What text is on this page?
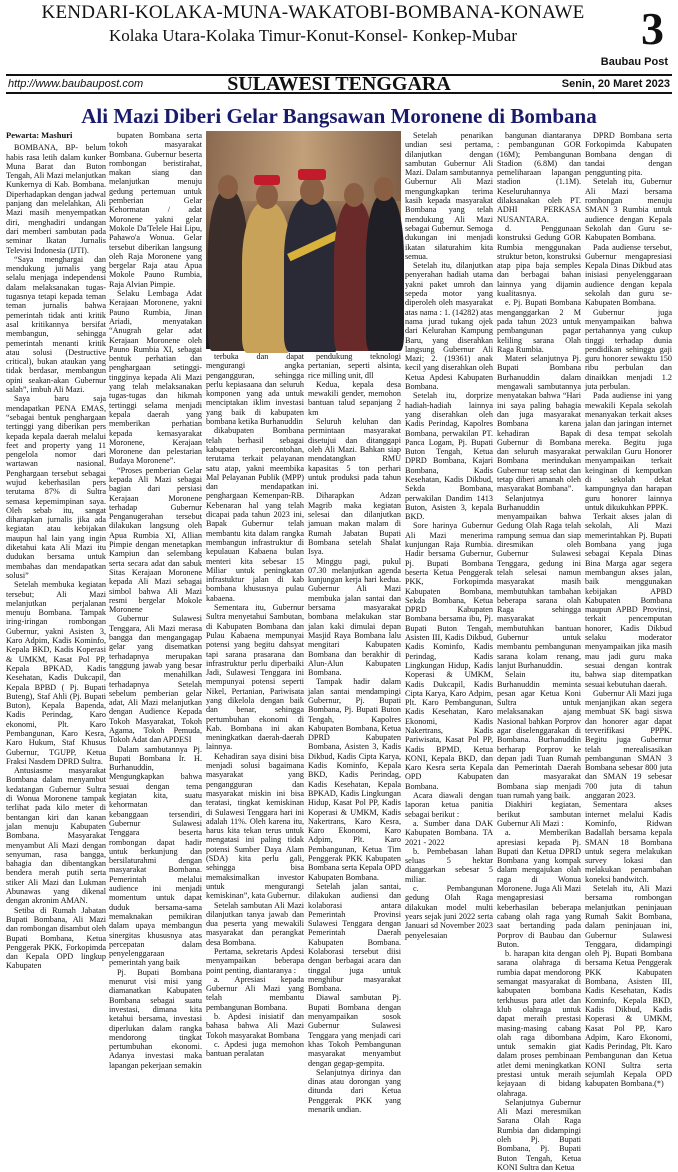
KENDARI-KOLAKA-MUNA-WAKATOBI-BOMBANA-KONAWE
Kolaka Utara-Kolaka Timur-Konut-Konsel- Konkep-Mubar	3
Baubau Post
http://www.baubaupost.com	SULAWESI TENGGARA	Senin, 20 Maret 2023
Ali Mazi Diberi Gelar Bangsawan Moronene di Bombana
Pewarta: Mashuri

BOMBANA, BP- belum habis rasa letih dalam kunker Muna Barat dan Buton Tengah, Ali Mazi melanjutkan Kunkernya di Kab. Bombana. Diperhadapkan dengan jadwal panjang dan melelahkan, Ali Mazi masih menyempatkan diri, menghadiri undangan dari memberi sambutan pada seminar Ikatan Jurnalis Televisi Indonesia (IJTI).

“Saya menghargai dan mendukung jurnalis yang selalu menjaga independensi dalam melaksanakan tugas-tugasnya tetapi kepada teman teman jurnalis bahwa pemerintah tidak anti kritik asal kritikannya bersifat membangun, sehingga pemerintah menanti kritik atau solusi (Destructive critical), bukan ataukan yang tidak berdasar, membangun opini seakan-akan Gubernur salah”, imbuh Ali Mazi.

Saya baru saja mendapatkan PENA EMAS, “sebagai bentuk penghargaan tertinggi yang diberikan pers kepada kepala daerah melalui feet and property yang 11 pengelola nomor dari wartawan nasional. Penghargaan tersebut sebagai wujud keberhasilan pers terutama 87% di Sultra semasa kepemimpinan saya. Oleh sebab itu, sangat diharapkan jurnalis jika ada kegiatan atau kebijakan maupun hal lain yang ingin diketahui kata Ali Mazi itu dudukan bersama untuk membahas dan mendapatkan solusi”

Setelah membuka kegiatan tersebut; Ali Mazi melanjutkan perjalanan menuju Bombana. Tampak iring-iringan rombongan Gubernur, yakni Asisten 3, Karo Adpim, Kadis Kominfo, Kepala BKD, Kadis Koperasi & UMKM, Kasat Pol PP, Kepala BPKAD, Kadis Kesehatan, Kadis Dukcapil, Kepala BPBD ( Pj. Bupati Buteng), Staf Ahli (Pj. Bupati Buton), Kepala Bapenda, Kadis Perindag, Karo ekonomi, Plt. Karo Pembangunan, Karo Kesra, Karo Hukum, Staf Khusus Gubernur, TGUPP, Ketua Fraksi Nasdem DPRD Sultra.

Antusiasme masyarakat Bombana dalam menyambut kedatangan Gubernur Sultra di Wonua Moronene tampak terlihat pada kilo meter di bentangan kiri dan kanan jalan menuju Kabupaten Bombana. Masyarakat menyambut Ali Mazi dengan senyuman, rasa bangga, bahagia dan dibentangkan bendera merah putih serta stiker Ali Mazi dan Lukman Abunawas yang dikenal dengan akronim AMAN.

Setiba di Rumah Jabatan Bupati Bombana, Ali Mazi dan rombongan disambut oleh Bupati Bombana, Ketua Penggerak PKK, Forkopimda dan Kepala OPD lingkup Kabupaten

bupaten Bombana serta tokoh masyarakat Bombana. Gubernur beserta rombongan beristirahat, makan siang dan melanjutkan menuju gedung pertemuan untuk pemberian Gelar Kehormatan / adat Moronene yakni gelar Mokole Da'Telele Hai Lipu, Pahawo'a Wonua. Gelar tersebut diberikan langsung oleh Raja Moronene yang bergelar Raja atau Apua Mokole Pauno Rumbia, Raja Alvian Pimpie.

Selaku Lembaga Adat Kerajaan Moronene, yakni Pauno Rumbia, Jinan Ariadi, menyatakan “Anugrah gelar adat Kerajaan Moronene oleh Pauno Rumbia XI, sebagai bentuk perhatian dan penghargaan setinggi-tingginya kepada Ali Mazi yang telah melaksanakan tugas-tugas dan hikmah tertinggi selama menjadi kepala daerah yang memberikan perhatian kepada kemasyarakat Moronene, Kerajaan Moronene dan pelestarian Budaya Moronene”.

“Proses pemberian Gelar kepada Ali Mazi sebagai bagian dari persiasi Kerajaan Moronene terhadap Gubernur Penganugerahan tersebut dilakukan langsung oleh Apua Rumbia XI, Allian Pimpie dengan menetapkan Kampiun dan selembang serta secara adat dan sabuk Sitas Kerajaan Moronene kepada Ali Mazi sebagai simbol bahwa Ali Mazi resmi bergelar Mokole Moronene

Gubernur Sulawesi Tenggara, Ali Mazi merasa bangga dan mengangagap gelar yang disematkan terhadapnya merupakan tanggung jawab yang besar dan menahilkan terhadapnya Setelah sebelum pemberian gelar adat, Ali Mazi melanjutkan dengan Audience Kepada Tokoh Masyarakat, Tokoh Agama, Tokoh Pemuda, Tokoh Adat dan APDESI

Dalam sambutannya Pj. Bupati Bombana Ir. H. Burhanuddin, Mengungkapkan bahwa sesuai dengan tema kegiatan kita, suatu kehormatan dan kebanggaan tersendiri, Gubernur Sulawesi Tenggara beserta rombongan dapat hadir untuk berkunjung dan bersilaturahmi dengan masyarakat Bombana. Pemerintah melalui audience ini menjadi momentum untuk dapat duduk bersama-sama memaknakan pemikiran dalam upaya membangun sinergitas khususnya atas percepatan dalam penyelenggaraan pemerintah yang baik

Pj. Bupati Bombana menurut visi misi yang diamanatkan Kabupaten Bombana sebagai suatu investasi, dimana kita ketahui bersama, investasi diperlukan dalam rangka mendorong tingkat pertumbuhan ekonomi. Adanya investasi maka lapangan pekerjaan semakin

terbuka dan dapat mengurangi angka pengangguran, sehingga perlu kepiasaana dan seluruh komponen yang ada untuk menciptakan iklim investasi yang baik di kabupaten bombana ketika Burhanuddin

dikabupaten Bombana telah berhasil sebagai kabupaten percontohan, terutama terkait pelayanan satu atap, yakni meembika Mal Pelayanan Publik (MPP) dan mendapatkan penghargaan Kemenpan-RB. Kebenaran hal yang telah dicapai pada tahun 2023 ini, Bapak Gubernur telah membantu kita dalam rangka membangun infrastruktur di kepulauan Kabaena bulan menteri kita sebesar 15 Miliar untuk peningkatan infrastuktur jalan di kab bombana khususnya pulau kabaena.

Sementara itu, Gubernur Sultra menyetahui Sambutan, di Kabupaten Bombana dan Pulau Kabaena mempunyai potensi yang begitu dahsyat tapi sarana prasarana dan infrastruktur perlu diperbaiki Jadi, Sulawesi Tenggara ini mempunyai potensi seperti Nikel, Pertanian, Pariwisata yang dikelola dengan baik dan benar, sehingga pertumbuhan ekonomi di Kab. Bombana ini akan meningkatkan daerah-daerah lainnya.

Kehadiran saya disini bisa menjadi solusi bagaimana masyarakat yang pengangguran dan masyarakat miskin ini bisa teratasi, tingkat kemiskinan di Sulawesi Tenggara hari ini adalah 11%. Oleh karena itu, harus kita tekan terus untuk mengatasi ini paling tidak potensi Sumber Daya Alam (SDA) kita perlu gali, sehingga bisa memaksimalkan investor untuk mengurangi kemiskinan”, kata Gubernur.

Setelah sambutan Ali Mazi dilanjutkan tanya jawab dan dua peserta yang mewakili masyarakat dan perangkat desa Bombana.

Pertama, sekretaris Apdesi menyampaikan beberapa point penting, diantaranya :

a. Apresiasi kepada Gubernur Ali Mazi yang telah membantu pembangunan Bombana.

b. Apdesi inisiatif dan bahasa bahwa Ali Mazi Tokoh masyarakat Bombana

c. Apdesi juga memohon bantuan peralatan

pendukung teknologi pertanian, seperti alsinta, rice milling unit, dll

Kedua, kepala desa mewakili gender, memohon bantuan talud sepanjang 2 km

Seluruh keluhan dan permintaan masyarakat disetujui dan ditanggapi oleh Ali Mazi. Bahkan siap mendatangkan RMU kapasitas 5 ton perhari untuk produksi pada tahun ini.

Diharapkan Adzan Magrib maka kegiatan selesai dan dilanjutkan jamuan makan malam di Rumah Jabatan Bupati Bombana setelah Shalat Isya.

Minggu pagi, pukul 07.30 melanjutkan agenda kunjungan kerja hari kedua. Gubernur Ali Mazi membuka jalan santai dan bersama masyarakat bombana melakukan star jalan kaki dimulai depan Masjid Raya Bombana lalu mengitari Kabupaten Bombana dan berakhir di Alun-Alun Kabupaten Bombana.

Tampak hadir dalam jalan santai mendampingi Gubernur, Pj. Bupati Bombana, Pj. Bupati Buton Tengah, Kapolres Kabupaten Bombana, Ketua DPRD Kabupaten Bombana, Asisten 3, Kadis Dikbud, Kadis Cipta Karya, Kadis Kominfo, Kepala BKD, Kadis Perindag, Kadis Kesehatan, Kepala BPKAD, Kadis Lingkungan Hidup, Kasat Pol PP, Kadis Koperasi & UMKM, Kadis Nakertrans, Karo Kesra, Karo Ekonomi, Karo Adpim, Plt. Karo Pembangunan, Ketua Tim Penggerak PKK Kabupaten Bombana serta Kepala OPD Kabupaten Bombana.

Setelah jalan santai, dilakukan audiensi dan kolaborasi antara Pemerintah Provinsi Sulawesi Tenggara dengan Pemerintah Daerah Kabupaten Bombana. Kolaborasi tersebut diisi dengan berbagai acara dan tinggal juga untuk menghibur masyarakat Bombana.

Diawal sambutan Pj. Bupati Bombana dengan menyampaikan sosok Gubernur Sulawesi Tenggara yang menjadi cari khas Tokoh Pembangunan masyarakat menyambut dengan gegap-gempita.

Selanjutnya dirinya dan dinas atau dorongan yang ditunda dari Ketua Penggerak PKK yang menarik undian.

Setelah penarikan undian sesi pertama, dilanjutkan dengan sambutan Gubernur Ali Mazi. Dalam sambutannya Gubernur Ali Mazi mengungkapkan terima kasih kepada masyarakat Bombana yang telah mendukung Ali Mazi sebagai Gubernur. Semoga dukungan ini menjadi ikatan silaturahim kita semua.

Setelah itu, dilanjutkan penyerahan hadiah utama yakni paket umroh dan sepeda motor yang diperoleh oleh masyarakat atas nama : 1. (14282) atas nama jurad tukang ojek dari Kelurahan Kampung Baru, yang diserahkan langsung Gubernur Ali Mazi; 2. (19361) anak kecil yang diserahkan oleh Ketua Apdesi Kabupaten Bombana.

Setelah itu, dorprize hadiah-hadiah lainnya yang diserahkan oleh Kadis Perindag, Kapolres Bombana, perwakilan PT. Panca Logam, Pj. Bupati Buton Tengah, Ketua DPRD Bombana, Kajari Bombana, Kadis Kesehatan, Kadis Dikbud, Sekda Bombana, perwakilan Dandim 1413 Buton, Asisten 3, kepala BKD.

Sore harinya Gubernur Ali Mazi menerima kunjungan Raja Rumbia. Hadir bersama Gubernur, Pj. Bupati Bombana beserta Ketua Penggerak PKK, Forkopimda Kabupaten Bombana, Sekda Bombana, Ketua DPRD Kabupaten Bombana bersama ibu, Pj. Bupati Buton Tengah, Asisten III, Kadis Dikbud, Kadis Kominfo, Kadis Perindag, Kadis Lingkungan Hidup, Kadis Koperasi & UMKM, Kadis Dukcapil, Kadis Cipta Karya, Karo Adpim, Plt. Karo Pembangunan, Kadis Kesehatan, Karo Ekonomi, Kadis Nakertrans, Kadis Pariwisata, Kasat Pol PP, Kadis BPMD, Ketua KONI, Kepala BKD, dan Karo Kesra serta Kepala OPD Kabupaten Bombana.

Acara diawali dengan laporan ketua panitia sebagai berikut :

a. Sumber dana DAK Kabupaten Bombana. TA 2021 - 2022

b. Pembebasan lahan seluas 5 hektar dianggarkan sebesar 5 miliar.

c. Pembangunan gedung Olah Raga dilakukan model multi years sejak juni 2022 serta Januari sd November 2023 penyelesaian

bangunan diantaranya : pembangunan GOR (16M); Pembangunan Stadion (6.8M) dan pemeliharaan lapangan stadion (1.1M). Keseluruhannya dilaksanakan oleh PT. ADHI PERKASA NUSANTARA.

d. Penggunaan konstruksi Gedung GOR Rumbia menggunakan struktur beton, konstruksi atap pipa baja semples dan berbagai bahan lainnya yang dijamin kualitasnya.

e. Pj. Bupati Bombana menganggarkan 2 M pada tahun 2023 untuk pembangunan pagar keliling sarana Olah Raga Rumbia.

Materi selanjutnya Pj. Bupati Bombana Burhanuddin dalam mengawali sambutannya menyatakan bahwa “Hari ini saya paling bahagia dan juga masyarakat Bombana karena kehadiran Bapak Gubernur di Bombana dan seluruh masyarakat Bombana merindukan Gubernur tetap sehat dan tetap diberi amanah oleh masyarakat Bombana”.

Selanjutnya Burhanuddin menyampaikan bahwa Gedung Olah Raga telah rampung semua dan siap diresmikan oleh Gubernur Sulawesi Tenggara, gedung ini telah selesai namun masyarakat masih membutuhkan tambahan beberapa sarana olah Raga sehingga masyarakat membutuhkan bantuan Gubernur untuk membantu pembangunan sarana kolam renang, lanjut Burhanuddin.

Selain itu, Burhanuddin meminta pesan agar Ketua Koni Sultra untuk melaksanakan ajang Nasional bahkan Porprov agar diselenggarakan di Bombana. Burhanuddin berharap Porprov ke depan jadi Tuan Rumah dan Pemerintah Daerah dan masyarakat Bombana siap menjadi tuan rumah yang baik.

Diakhiri kegiatan, berikut sambutan Gubernur Ali Mazi :

a. Memberikan apresiasi kepada Pj. Bupati dan Ketua DPRD Bombana yang kompak dalam mengajukan olah raga di Wonua Moronene. Juga Ali Mazi mengapresiasi keberhasilan beberapa cabang olah raga yang saat bertanding pada Porprov di Baubau dan Buton.

b. harapan kita dengan sarana olahraga di rumbia dapat mendorong semangat masyarakat di kabupaten bombana terkhusus para atlet dan klub olahraga untuk dapat meraih prestasi masing-masing cabang olah raga dibombana untuk semakin giat dalam proses pembinaan atlet demi meningkatkan prestasi untuk meraih kejayaan di bidang olahraga.

Selanjutnya Gubernur Ali Mazi meresmikan Sarana Olah Raga Rumbia dan didampingi oleh Pj. Bupati Bombana, Pj. Bupati Buton Tengah, Ketua KONI Sultra dan Ketua

DPRD Bombana serta Forkopimda Kabupaten Bombana dengan di tandai dengan penggunting pita.

Setelah itu, Gubernur Ali Mazi bersama rombongan menuju SMAN 3 Rumbia untuk audience dengan Kepala Sekolah dan Guru se-Kabupaten Bombana.

Pada audiense tersebut, Gubernur mengapresiasi Kepala Dinas Dikbud atas inisiasi penyelenggaraan audience dengan kepala sekolah dan guru se-Kabupaten Bombana.

Gubernur juga menyampaikan bahwa pertahannya yang cukup tinggi terhadap dunia pendidikan sehingga gaji guru honorer sewaktu 150 ribu perbulan dan dinaikkan menjadi 1.2 juta perbulan.

Pada audiense ini yang mewakili Kepala sekolah menanyakan terkait akses jalan dan jaringan internet di desa tempat sekolah mereka. Begitu juga perwakilan Guru Honorer menyampaikan terkait keinginan di kemputkan di sekolah dekat kampungnya dan harapan guru honorer lainnya untuk dikukuhkan PPPK.

Terkait akses jalan di sekolah, Ali Mazi memerintahkan Pj. Bupati Bombana yang juga sebagai Kepala Dinas Bina Marga agar segera membangun akses jalan, baik menggunakan kebijakan APBD Kabupaten Bombana maupun APBD Provinsi, terkait pencemputan honorer, Kadis Dikbud selaku moderator menyampaikan jika masih mau jadi guru maka sesuai dengan kontrak bahwa siap ditempatkan sesuai kebutuhan daerah.

Gubernur Ali Mazi juga menjanjikan akan segera membuat SK bagi siswa dan honorer agar dapat terverifikasi PPPK. Begitu juga Gubernur telah merealisasikan pembangunan SMAN 3 Bombana sebesar 800 juta dan SMAN 19 sebesar 700 juta di tahun anggaran 2023.

Sementara akses internet melalui Kadis Kominfo, Ridwan Badallah bersama kepala SMAN 18 Bombana untuk segera melakukan survey lokasi dan melakukan penambahan koneksi bandwitch.

Setelah itu, Ali Mazi bersama rombongan melanjutkan peninjauan Rumah Sakit Bombana, dalam peninjauan ini, Gubernur Sulawesi Tenggara, didampingi oleh Pj. Bupati Bombana bersama Ketua Penggerak PKK Kabupaten Bombana, Asisten III, Kadis Kesehatan, Kadis Kominfo, Kepala BKD, Kadis Dikbud, Kadis Koperasi & UMKM, Kasat Pol PP, Karo Adpim, Karo Ekonomi, Kadis Perindag, Plt. Karo Pembangunan dan Ketua KONI Sultra serta sejumlah Kepala OPD kabupaten Bombana.(*)
